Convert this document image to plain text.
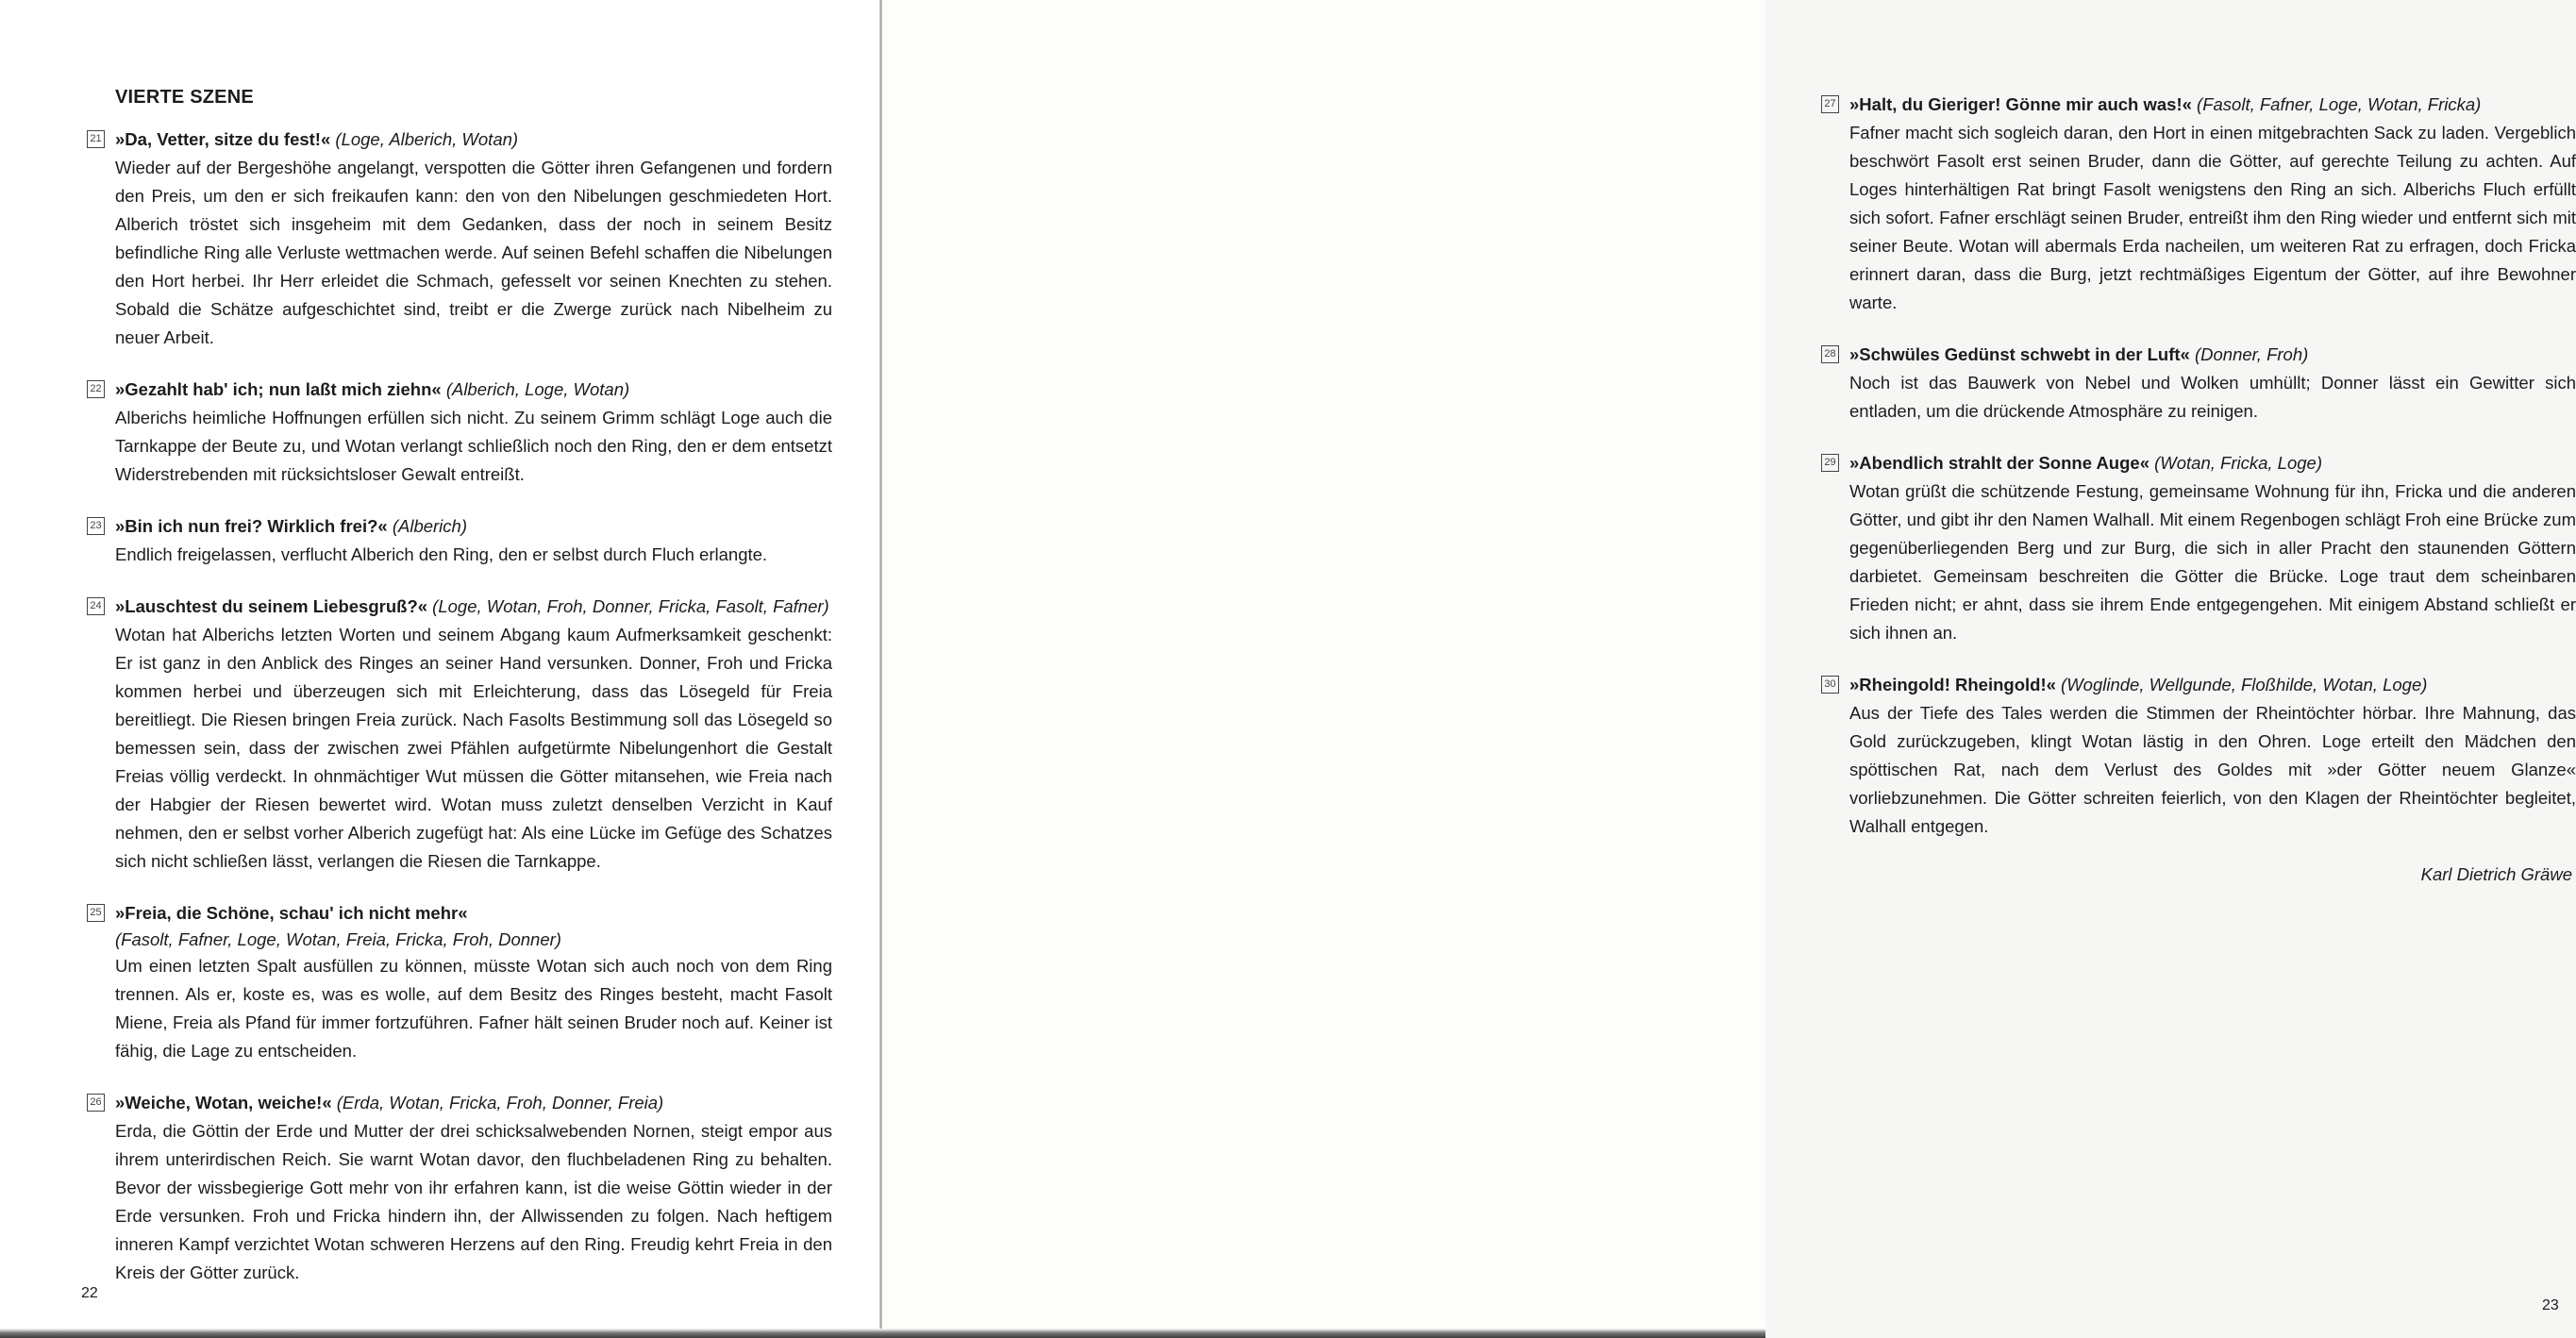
VIERTE SZENE
21 »Da, Vetter, sitze du fest!« (Loge, Alberich, Wotan)
Wieder auf der Bergeshöhe angelangt, verspotten die Götter ihren Gefangenen und fordern den Preis, um den er sich freikaufen kann: den von den Nibelungen geschmiedeten Hort. Alberich tröstet sich insgeheim mit dem Gedanken, dass der noch in seinem Besitz befindliche Ring alle Verluste wettmachen werde. Auf seinen Befehl schaffen die Nibelungen den Hort herbei. Ihr Herr erleidet die Schmach, gefesselt vor seinen Knechten zu stehen. Sobald die Schätze aufgeschichtet sind, treibt er die Zwerge zurück nach Nibelheim zu neuer Arbeit.
22 »Gezahlt hab' ich; nun laßt mich ziehn« (Alberich, Loge, Wotan)
Alberichs heimliche Hoffnungen erfüllen sich nicht. Zu seinem Grimm schlägt Loge auch die Tarnkappe der Beute zu, und Wotan verlangt schließlich noch den Ring, den er dem entsetzt Widerstrebenden mit rücksichtsloser Gewalt entreißt.
23 »Bin ich nun frei? Wirklich frei?« (Alberich)
Endlich freigelassen, verflucht Alberich den Ring, den er selbst durch Fluch erlangte.
24 »Lauschtest du seinem Liebesgruß?« (Loge, Wotan, Froh, Donner, Fricka, Fasolt, Fafner)
Wotan hat Alberichs letzten Worten und seinem Abgang kaum Aufmerksamkeit geschenkt: Er ist ganz in den Anblick des Ringes an seiner Hand versunken. Donner, Froh und Fricka kommen herbei und überzeugen sich mit Erleichterung, dass das Lösegeld für Freia bereitliegt. Die Riesen bringen Freia zurück. Nach Fasolts Bestimmung soll das Lösegeld so bemessen sein, dass der zwischen zwei Pfählen aufgetürmte Nibelungenhort die Gestalt Freias völlig verdeckt. In ohnmächtiger Wut müssen die Götter mitansehen, wie Freia nach der Habgier der Riesen bewertet wird. Wotan muss zuletzt denselben Verzicht in Kauf nehmen, den er selbst vorher Alberich zugefügt hat: Als eine Lücke im Gefüge des Schatzes sich nicht schließen lässt, verlangen die Riesen die Tarnkappe.
25 »Freia, die Schöne, schau' ich nicht mehr«
(Fasolt, Fafner, Loge, Wotan, Freia, Fricka, Froh, Donner)
Um einen letzten Spalt ausfüllen zu können, müsste Wotan sich auch noch von dem Ring trennen. Als er, koste es, was es wolle, auf dem Besitz des Ringes besteht, macht Fasolt Miene, Freia als Pfand für immer fortzuführen. Fafner hält seinen Bruder noch auf. Keiner ist fähig, die Lage zu entscheiden.
26 »Weiche, Wotan, weiche!« (Erda, Wotan, Fricka, Froh, Donner, Freia)
Erda, die Göttin der Erde und Mutter der drei schicksalwebenden Nornen, steigt empor aus ihrem unterirdischen Reich. Sie warnt Wotan davor, den fluchbeladenen Ring zu behalten. Bevor der wissbegierige Gott mehr von ihr erfahren kann, ist die weise Göttin wieder in der Erde versunken. Froh und Fricka hindern ihn, der Allwissenden zu folgen. Nach heftigem inneren Kampf verzichtet Wotan schweren Herzens auf den Ring. Freudig kehrt Freia in den Kreis der Götter zurück.
22
27 »Halt, du Gieriger! Gönne mir auch was!« (Fasolt, Fafner, Loge, Wotan, Fricka)
Fafner macht sich sogleich daran, den Hort in einen mitgebrachten Sack zu laden. Vergeblich beschwört Fasolt erst seinen Bruder, dann die Götter, auf gerechte Teilung zu achten. Auf Loges hinterhältigen Rat bringt Fasolt wenigstens den Ring an sich. Alberichs Fluch erfüllt sich sofort. Fafner erschlägt seinen Bruder, entreißt ihm den Ring wieder und entfernt sich mit seiner Beute. Wotan will abermals Erda nacheilen, um weiteren Rat zu erfragen, doch Fricka erinnert daran, dass die Burg, jetzt rechtmäßiges Eigentum der Götter, auf ihre Bewohner warte.
28 »Schwüles Gedünst schwebt in der Luft« (Donner, Froh)
Noch ist das Bauwerk von Nebel und Wolken umhüllt; Donner lässt ein Gewitter sich entladen, um die drückende Atmosphäre zu reinigen.
29 »Abendlich strahlt der Sonne Auge« (Wotan, Fricka, Loge)
Wotan grüßt die schützende Festung, gemeinsame Wohnung für ihn, Fricka und die anderen Götter, und gibt ihr den Namen Walhall. Mit einem Regenbogen schlägt Froh eine Brücke zum gegenüberliegenden Berg und zur Burg, die sich in aller Pracht den staunenden Göttern darbietet. Gemeinsam beschreiten die Götter die Brücke. Loge traut dem scheinbaren Frieden nicht; er ahnt, dass sie ihrem Ende entgegengehen. Mit einigem Abstand schließt er sich ihnen an.
30 »Rheingold! Rheingold!« (Woglinde, Wellgunde, Floßhilde, Wotan, Loge)
Aus der Tiefe des Tales werden die Stimmen der Rheintöchter hörbar. Ihre Mahnung, das Gold zurückzugeben, klingt Wotan lästig in den Ohren. Loge erteilt den Mädchen den spöttischen Rat, nach dem Verlust des Goldes mit »der Götter neuem Glanze« vorliebzunehmen. Die Götter schreiten feierlich, von den Klagen der Rheintöchter begleitet, Walhall entgegen.
Karl Dietrich Gräwe
23
